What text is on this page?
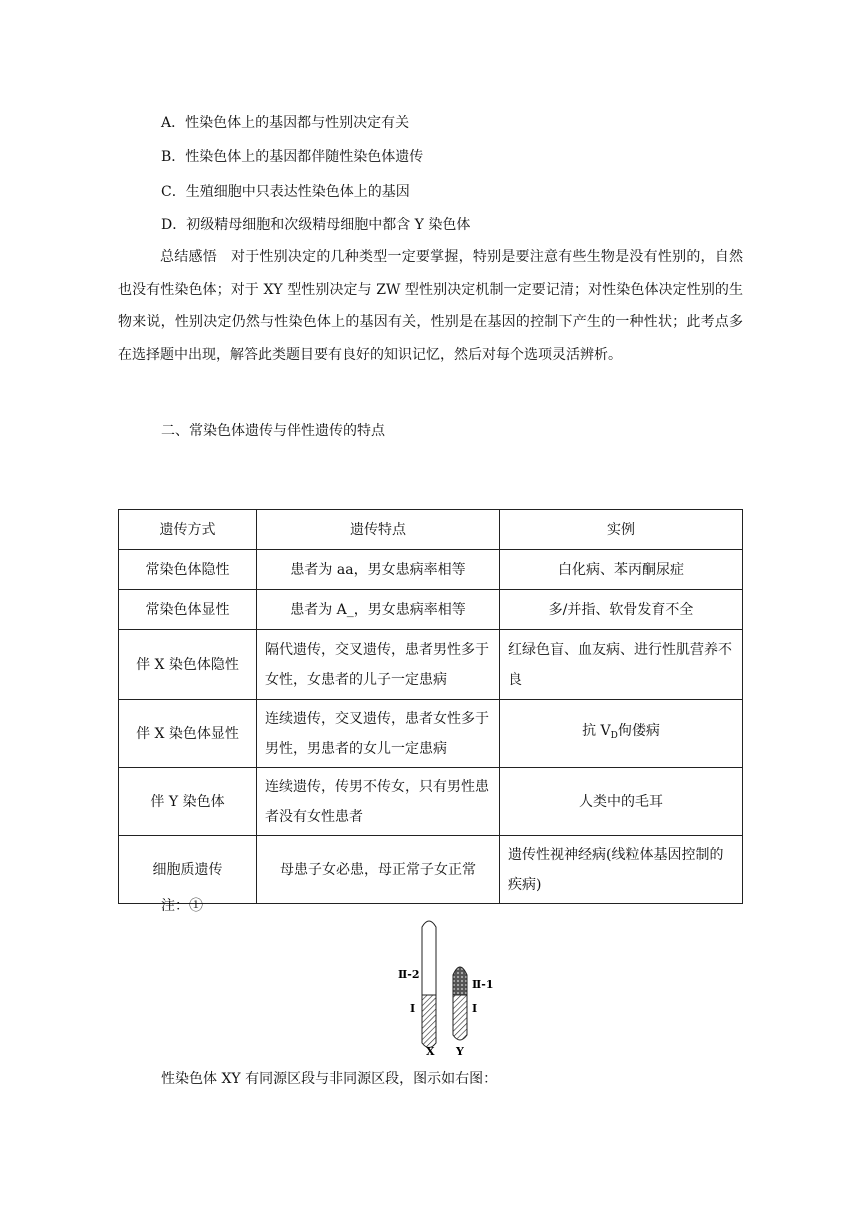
A．性染色体上的基因都与性别决定有关
B．性染色体上的基因都伴随性染色体遗传
C．生殖细胞中只表达性染色体上的基因
D．初级精母细胞和次级精母细胞中都含 Y 染色体
总结感悟 对于性别决定的几种类型一定要掌握，特别是要注意有些生物是没有性别的，自然也没有性染色体；对于 XY 型性别决定与 ZW 型性别决定机制一定要记清；对性染色体决定性别的生物来说，性别决定仍然与性染色体上的基因有关，性别是在基因的控制下产生的一种性状；此考点多在选择题中出现，解答此类题目要有良好的知识记忆，然后对每个选项灵活辨析。
二、常染色体遗传与伴性遗传的特点
遗传方式	遗传特点	实例
常染色体隐性	患者为 aa，男女患病率相等	白化病、苯丙酮尿症
常染色体显性	患者为 A_，男女患病率相等	多/并指、软骨发育不全
伴 X 染色体隐性	隔代遗传，交叉遗传，患者男性多于女性，女患者的儿子一定患病	红绿色盲、血友病、进行性肌营养不良
伴 X 染色体显性	连续遗传，交叉遗传，患者女性多于男性，男患者的女儿一定患病	抗 $V_D$佝偻病
伴 Y 染色体	连续遗传，传男不传女，只有男性患者没有女性患者	人类中的毛耳
细胞质遗传	母患子女必患，母正常子女正常	遗传性视神经病(线粒体基因控制的疾病)
注：①
Ⅱ-2
Ⅱ-1
Ⅰ	Ⅰ
X Y
性染色体 XY 有同源区段与非同源区段，图示如右图：
